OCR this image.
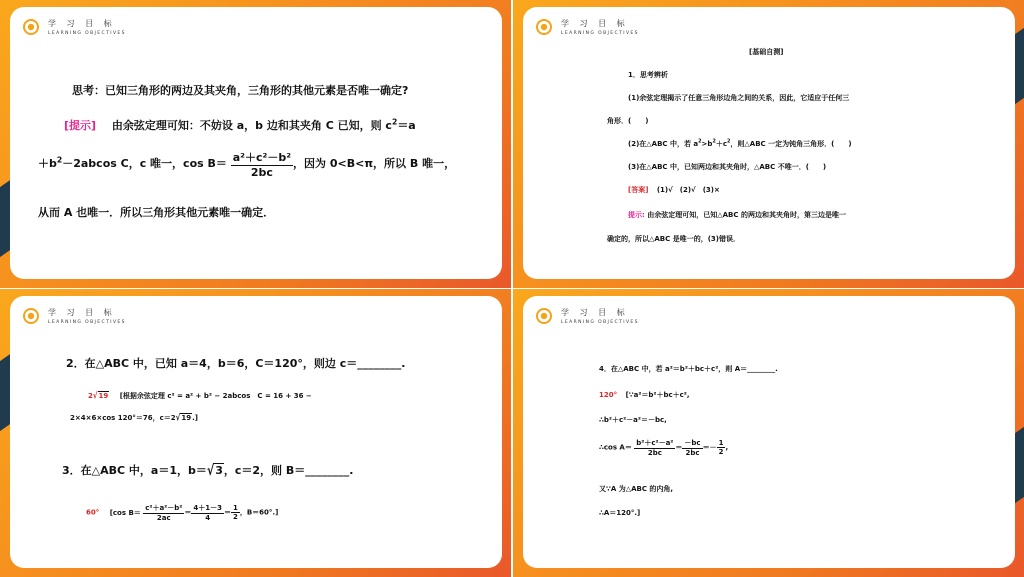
学 习 目 标
LEARNING OBJECTIVES
思考：已知三角形的两边及其夹角，三角形的其他元素是否唯一确定?
[提示] 由余弦定理可知：不妨设 a，b 边和其夹角 C 已知，则 $c^2=a$
$+b^2-2abcos$ C，c 唯一，$\cos B= \frac{\text{a²＋c²－b²}}{2bc}$ ，因为 0<B<π，所以 B 唯一，
从而 A 也唯一．所以三角形其他元素唯一确定．
学 习 目 标
LEARNING OBJECTIVES
[基础自测]
1．思考辨析
(1)余弦定理揭示了任意三角形边角之间的关系，因此，它适应于任何三
角形．(　　)
(2)在△ABC 中，若 $a^2>b^2+c^2$，则△ABC 一定为钝角三角形．(　　)
(3)在△ABC 中，已知两边和其夹角时，△ABC 不唯一．(　　)
[答案] (1)√　(2)√　(3)×
提示: 由余弦定理可知，已知△ABC 的两边和其夹角时，第三边是唯一
确定的，所以△ABC 是唯一的，(3)错误．
学 习 目 标
LEARNING OBJECTIVES
2．在△ABC 中，已知 a＝4，b＝6，C＝120°，则边 c＝________.
2√19 [根据余弦定理 c² = a² + b² − 2abcos　C = 16 + 36 −
2×4×6×cos 120°＝76，c＝2√19.]
3．在△ABC 中，a＝1，b＝√3，c＝2，则 B＝________.
60° [cos $B= \frac{\text{c²＋a²－b²}}{2ac} = \frac{4+1-3}{4} = \frac{1}{2}$ ，B＝60°.]
学 习 目 标
LEARNING OBJECTIVES
4．在△ABC 中，若 a²＝b²＋bc＋c²，则 A＝________.
120° [∵a²＝b²＋bc＋c²,
∴b²＋c²－a²＝－bc,
∴cos $A= \frac{\text{b²＋c²－a²}}{2bc} = \frac{-bc}{2bc} =- \frac{1}{2}$ ,
又∵A 为△ABC 的内角,
∴A＝120°.]
